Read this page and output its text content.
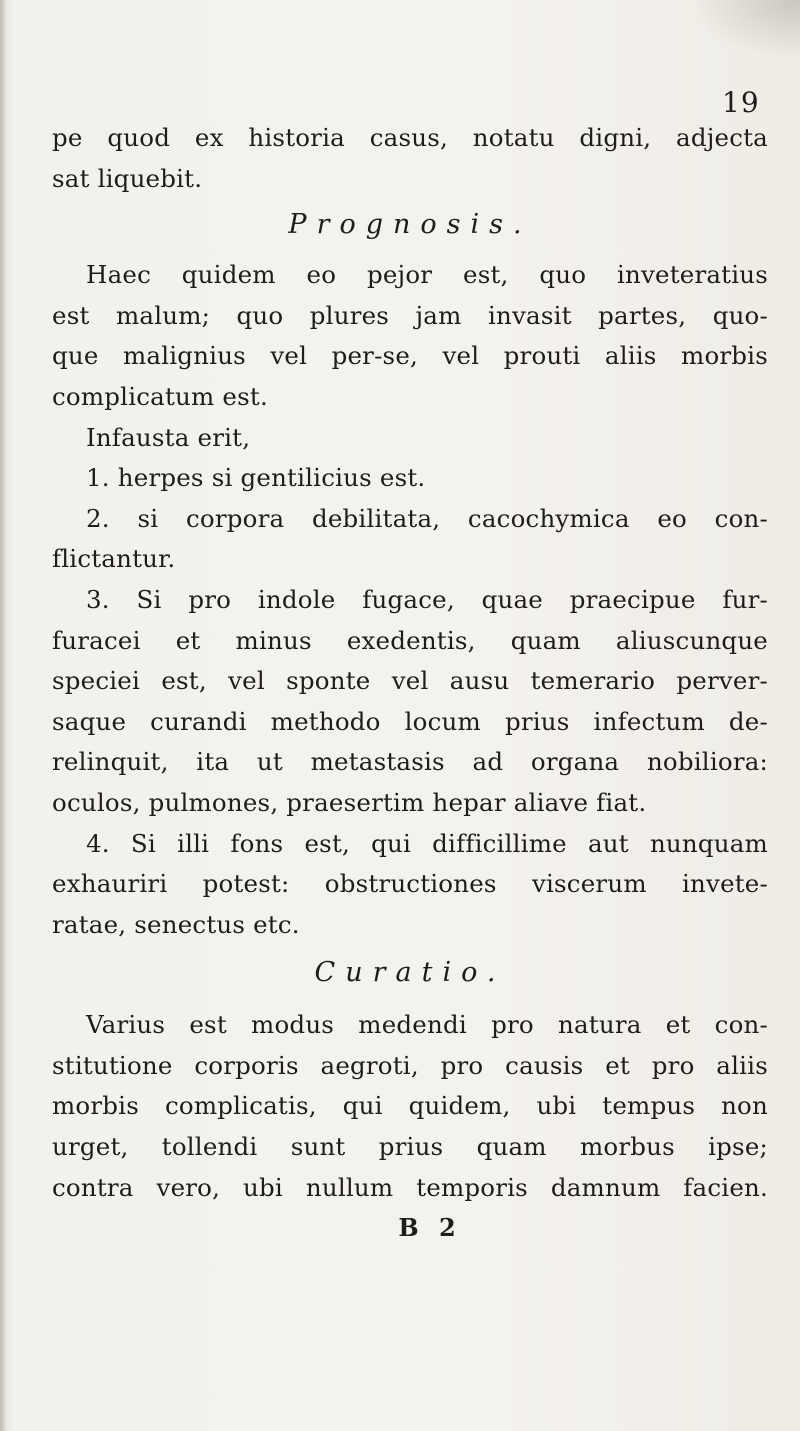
19
pe quod ex historia casus, notatu digni, adjecta
sat liquebit.
Prognosis.
Haec quidem eo pejor est, quo inveteratius
est malum; quo plures jam invasit partes, quo-
que malignius vel per-se, vel prouti aliis morbis
complicatum est.
Infausta erit,
1. herpes si gentilicius est.
2. si corpora debilitata, cacochymica eo con-
flictantur.
3. Si pro indole fugace, quae praecipue fur-
furacei et minus exedentis, quam aliuscunque
speciei est, vel sponte vel ausu temerario perver-
saque curandi methodo locum prius infectum de-
relinquit, ita ut metastasis ad organa nobiliora:
oculos, pulmones, praesertim hepar aliave fiat.
4. Si illi fons est, qui difficillime aut nunquam
exhauriri potest: obstructiones viscerum invete-
ratae, senectus etc.
Curatio.
Varius est modus medendi pro natura et con-
stitutione corporis aegroti, pro causis et pro aliis
morbis complicatis, qui quidem, ubi tempus non
urget, tollendi sunt prius quam morbus ipse;
contra vero, ubi nullum temporis damnum facien.
B 2
